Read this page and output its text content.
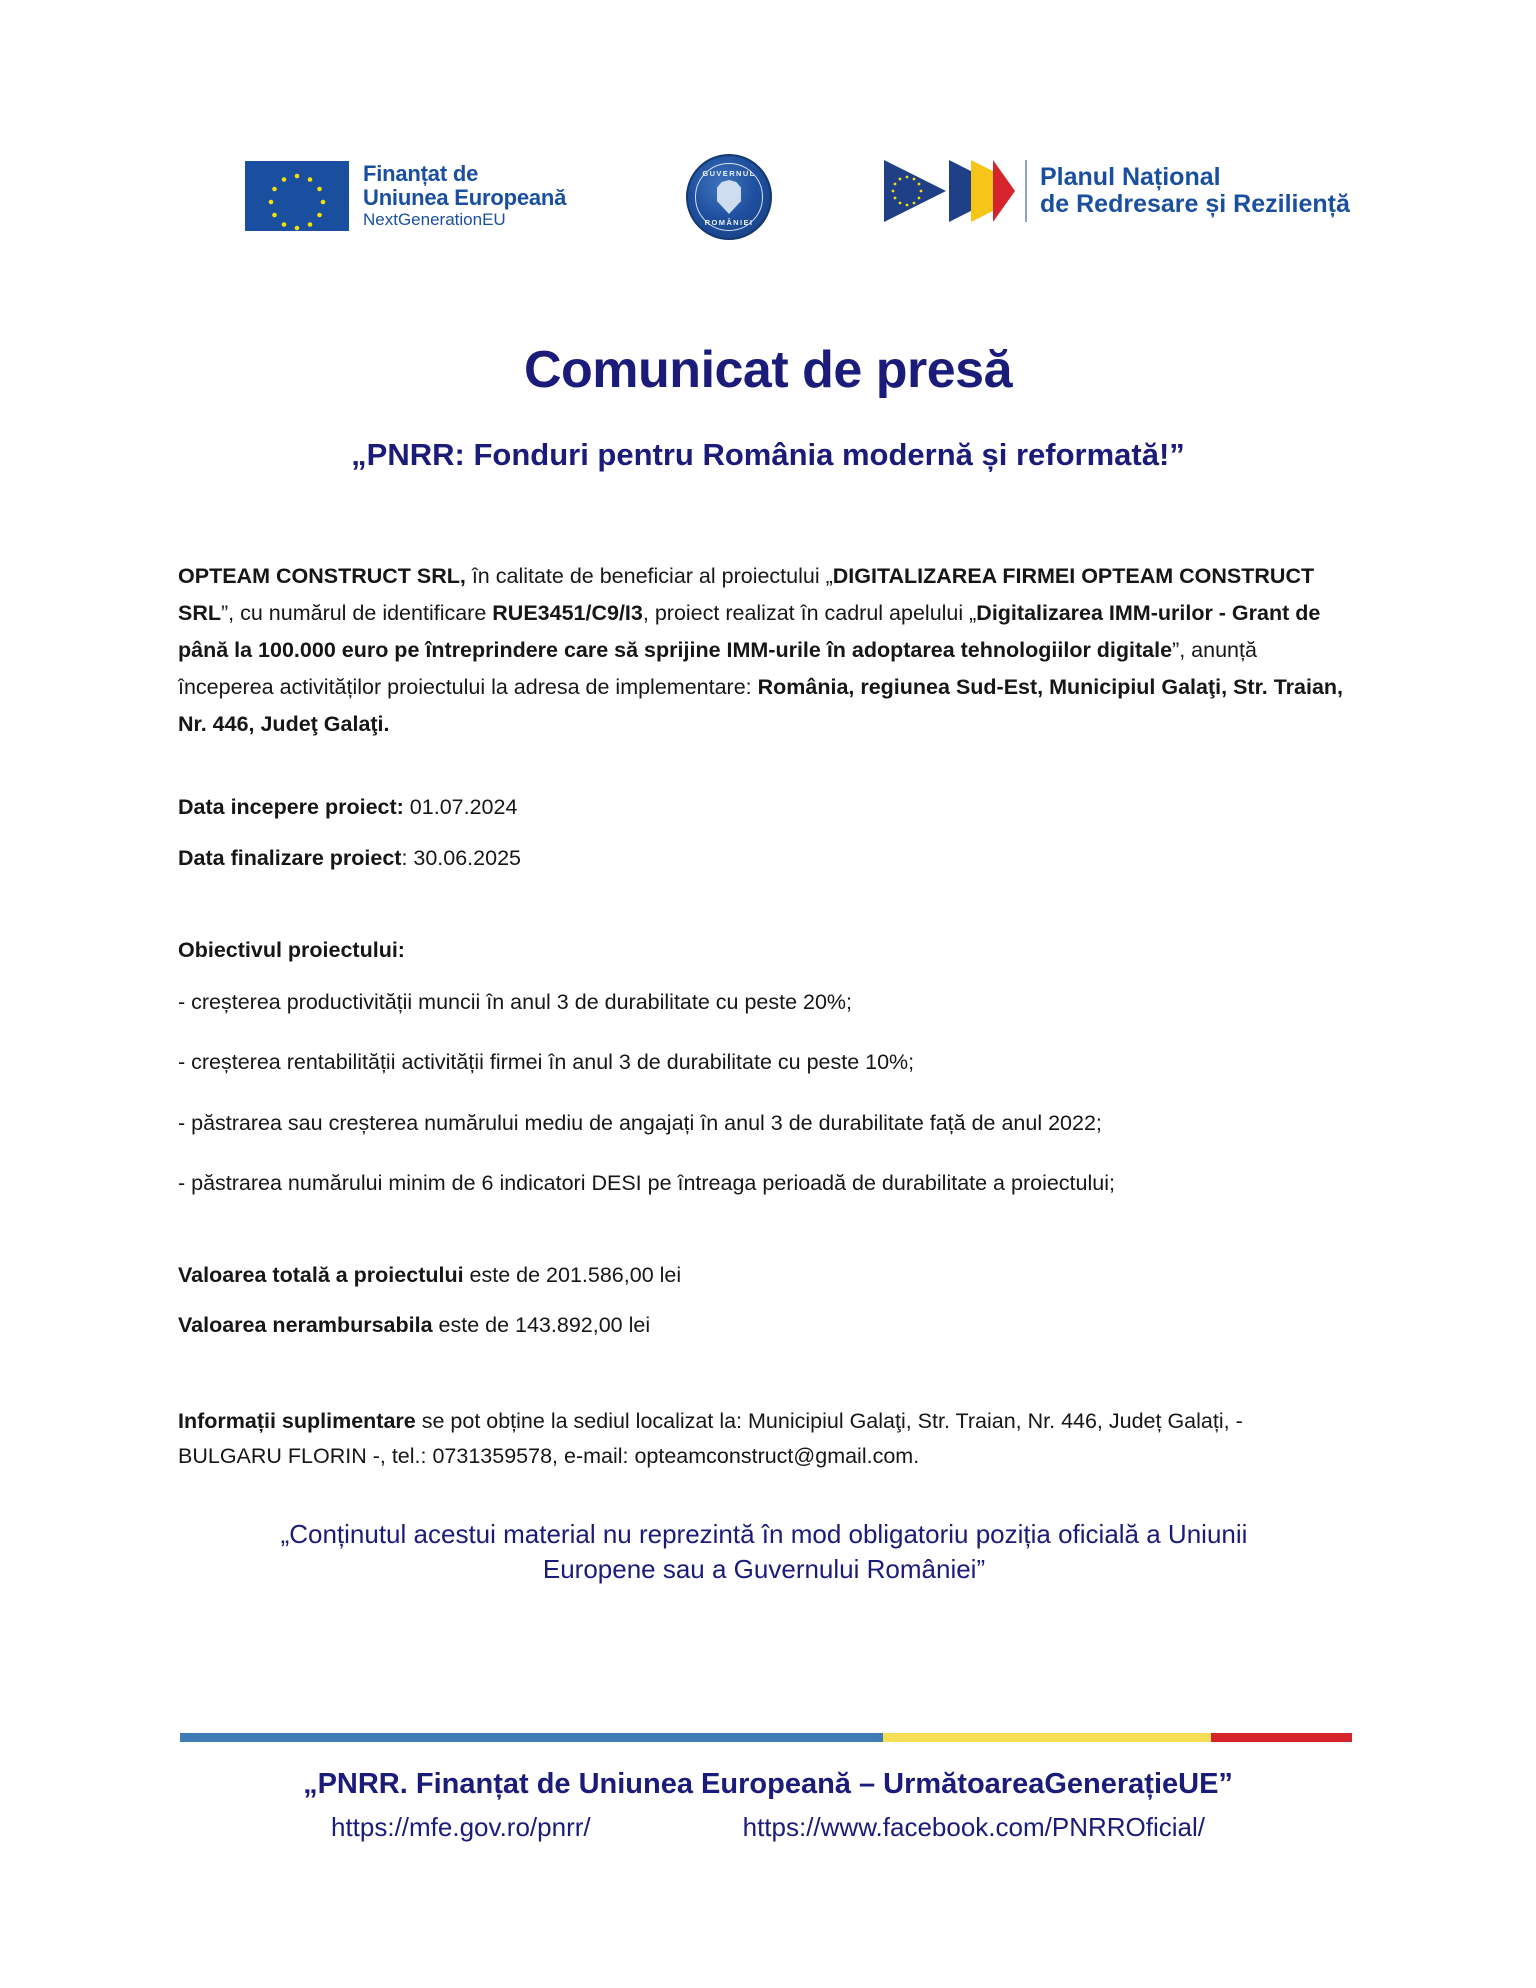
Finanțat de
Uniunea Europeană
NextGenerationEU
GUVERNUL
ROMÂNIEI
Planul Național
de Redresare și Reziliență
Comunicat de presă
„PNRR: Fonduri pentru România modernă și reformată!”
OPTEAM CONSTRUCT SRL, în calitate de beneficiar al proiectului „DIGITALIZAREA FIRMEI OPTEAM CONSTRUCT SRL”, cu numărul de identificare RUE3451/C9/I3, proiect realizat în cadrul apelului „Digitalizarea IMM-urilor - Grant de până la 100.000 euro pe întreprindere care să sprijine IMM-urile în adoptarea tehnologiilor digitale”, anunță începerea activităților proiectului la adresa de implementare: România, regiunea Sud-Est, Municipiul Galaţi, Str. Traian, Nr. 446, Judeţ Galaţi.
Data incepere proiect: 01.07.2024
Data finalizare proiect: 30.06.2025
Obiectivul proiectului:
- creșterea productivității muncii în anul 3 de durabilitate cu peste 20%;
- creșterea rentabilității activității firmei în anul 3 de durabilitate cu peste 10%;
- păstrarea sau creșterea numărului mediu de angajați în anul 3 de durabilitate față de anul 2022;
- păstrarea numărului minim de 6 indicatori DESI pe întreaga perioadă de durabilitate a proiectului;
Valoarea totală a proiectului este de 201.586,00 lei
Valoarea nerambursabila este de 143.892,00 lei
Informații suplimentare se pot obține la sediul localizat la: Municipiul Galaţi, Str. Traian, Nr. 446, Județ Galați, - BULGARU FLORIN -, tel.: 0731359578, e-mail: opteamconstruct@gmail.com.
„Conținutul acestui material nu reprezintă în mod obligatoriu poziția oficială a Uniunii
Europene sau a Guvernului României”
„PNRR. Finanțat de Uniunea Europeană – UrmătoareaGenerațieUE”
https://mfe.gov.ro/pnrr/	https://www.facebook.com/PNRROficial/
